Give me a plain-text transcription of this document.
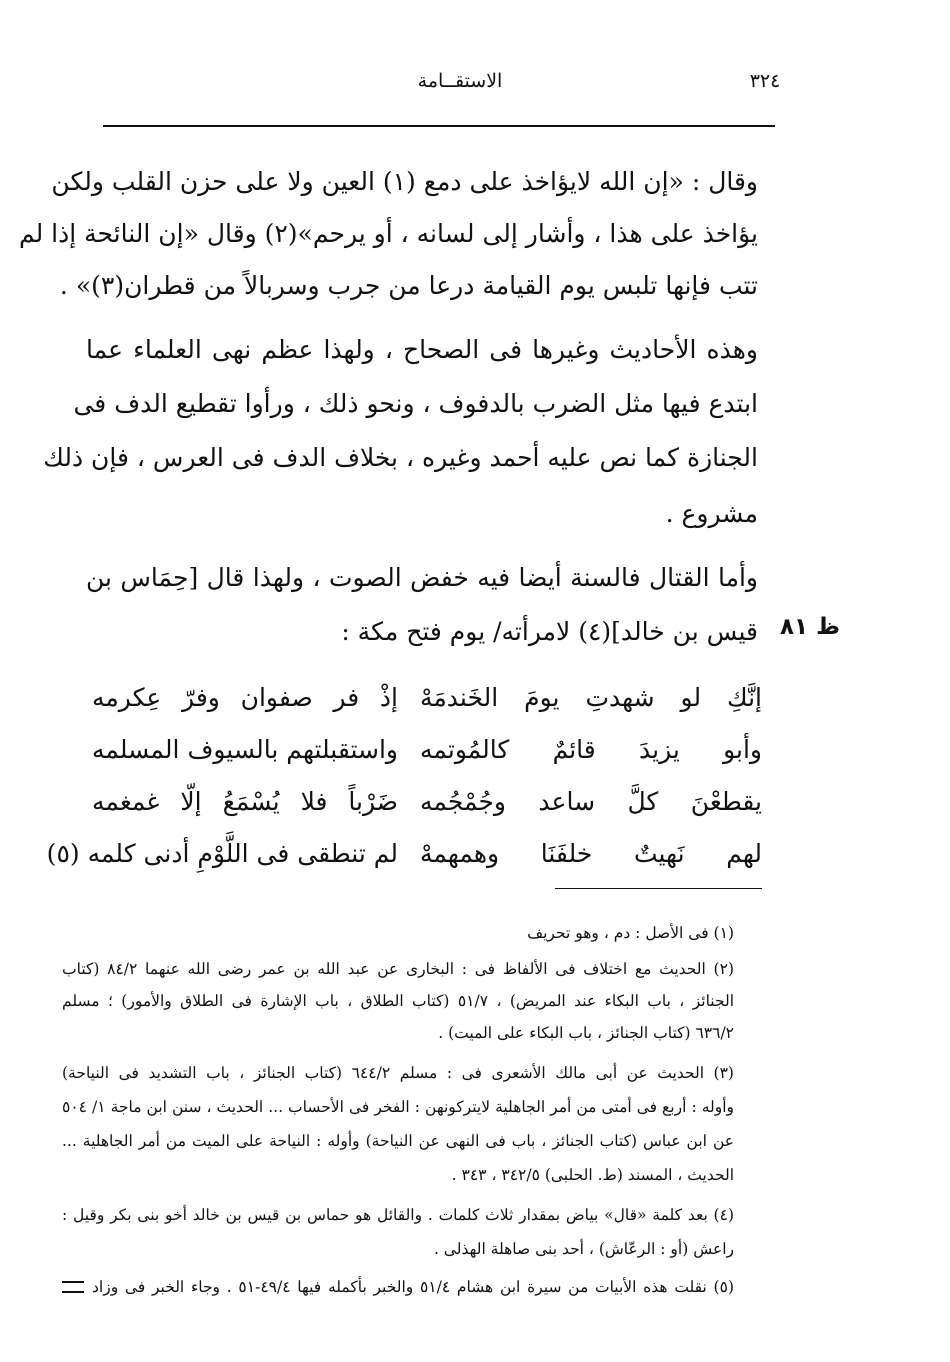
٣٢٤
الاستقــامة
وقال : «إن الله لايؤاخذ على دمع (١) العين ولا على حزن القلب ولكن
يؤاخذ على هذا ، وأشار إلى لسانه ، أو يرحم»(٢) وقال «إن النائحة إذا لم
تتب فإنها تلبس يوم القيامة درعا من جرب وسربالاً من قطران(٣)» .
وهذه الأحاديث وغيرها فى الصحاح ، ولهذا عظم نهى العلماء عما
ابتدع فيها مثل الضرب بالدفوف ، ونحو ذلك ، ورأوا تقطيع الدف فى
الجنازة كما نص عليه أحمد وغيره ، بخلاف الدف فى العرس ، فإن ذلك
مشروع .
وأما القتال فالسنة أيضا فيه خفض الصوت ، ولهذا قال [حِمَاس بن
قيس بن خالد](٤) لامرأته/ يوم فتح مكة : ظ ٨١
إنَّكِ لو شهدتِ يومَ الخَندمَهْ
إذْ فر صفوان وفرّ عِكرمه
وأبو يزيدَ قائمٌ كالمُوتمه
واستقبلتهم بالسيوف المسلمه
يقطعْنَ كلَّ ساعد وجُمْجُمه
ضَرْباً فلا يُسْمَعُ إلّا غمغمه
لهم نَهيتٌ خلفَنَا وهمهمهْ
لم تنطقى فى اللَّوْمِ أدنى كلمه (٥)
(١) فى الأصل : دم ، وهو تحريف
(٢) الحديث مع اختلاف فى الألفاظ فى : البخارى عن عبد الله بن عمر رضى الله عنهما ٨٤/٢ (كتاب
الجنائز ، باب البكاء عند المريض) ، ٥١/٧ (كتاب الطلاق ، باب الإشارة فى الطلاق والأمور) ؛ مسلم
٦٣٦/٢ (كتاب الجنائز ، باب البكاء على الميت) .
(٣) الحديث عن أبى مالك الأشعرى فى : مسلم ٦٤٤/٢ (كتاب الجنائز ، باب التشديد فى النياحة)
وأوله : أربع فى أمتى من أمر الجاهلية لايتركونهن : الفخر فى الأحساب ... الحديث ، سنن ابن ماجة ١/ ٥٠٤
عن ابن عباس (كتاب الجنائز ، باب فى النهى عن النياحة) وأوله : النياحة على الميت من أمر الجاهلية ...
الحديث ، المسند (ط. الحلبى) ٣٤٢/٥ ، ٣٤٣ .
(٤) بعد كلمة «قال» بياض بمقدار ثلاث كلمات . والقائل هو حماس بن قيس بن خالد أخو بنى بكر وقيل :
راعش (أو : الرعّاش) ، أحد بنى صاهلة الهذلى .
(٥) نقلت هذه الأبيات من سيرة ابن هشام ٥١/٤ والخبر بأكمله فيها ٤٩/٤-٥١ . وجاء الخبر فى وزاد
